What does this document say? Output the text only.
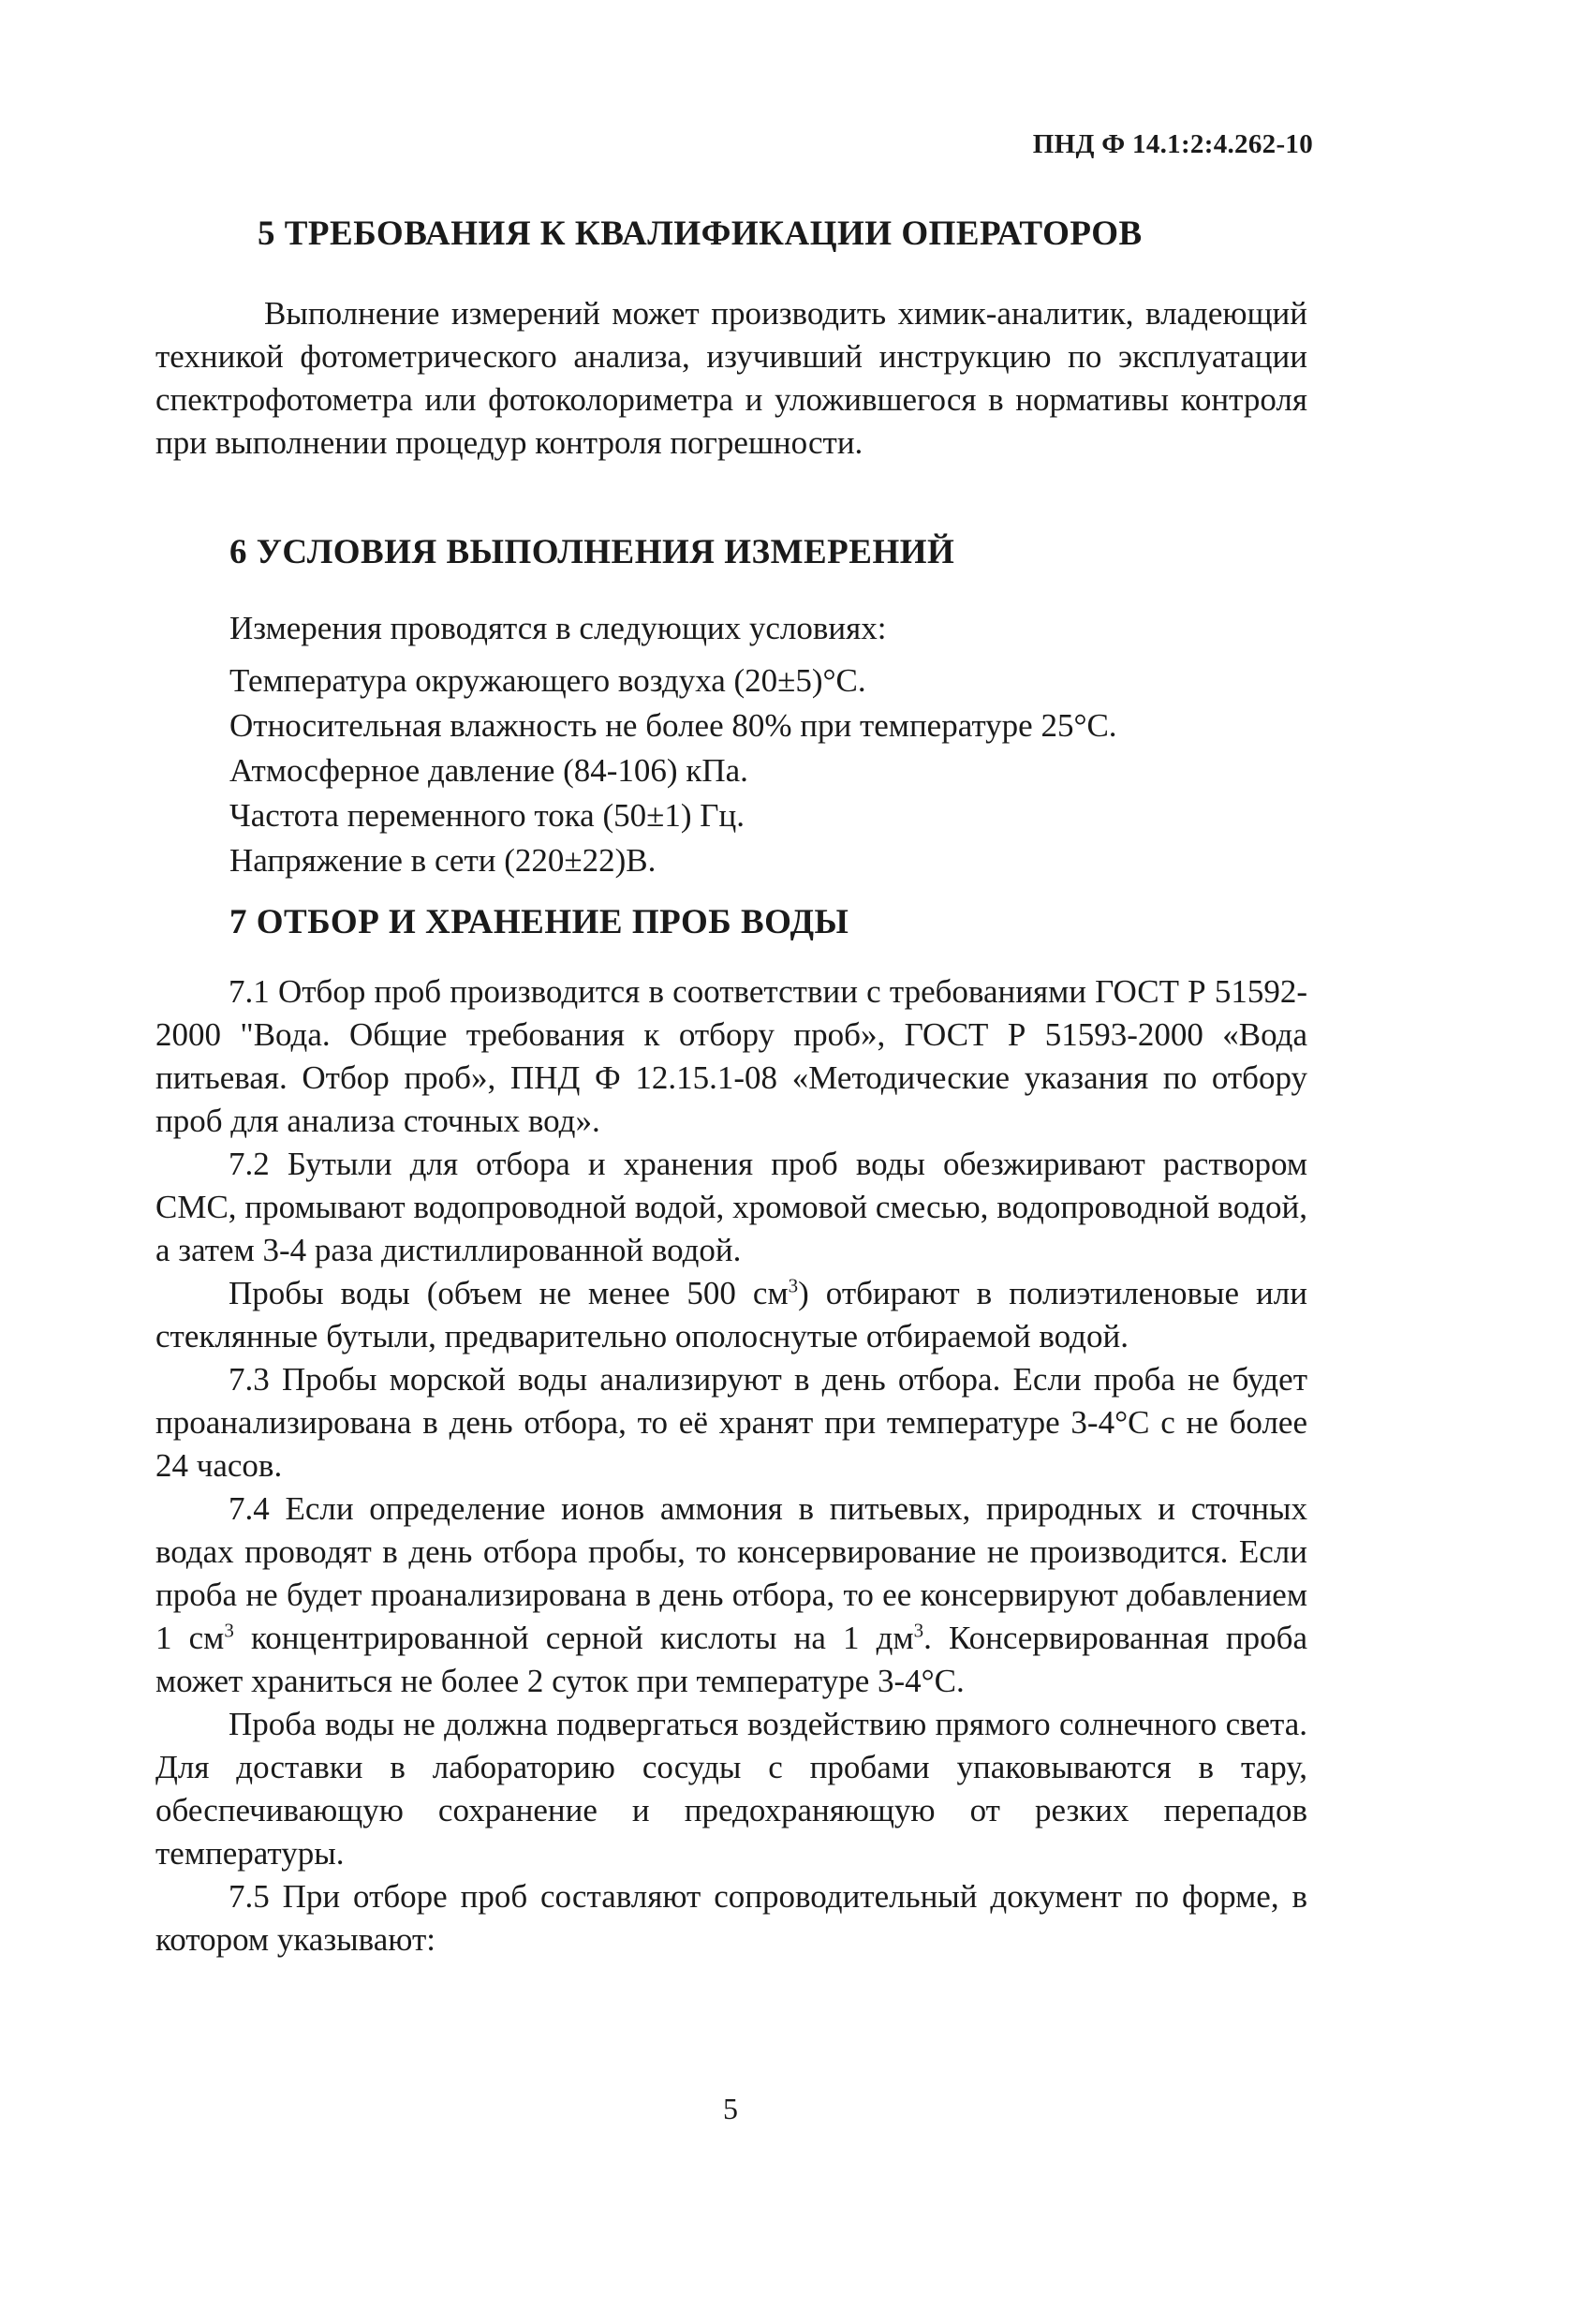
ПНД Ф 14.1:2:4.262-10
5 ТРЕБОВАНИЯ К КВАЛИФИКАЦИИ ОПЕРАТОРОВ

Выполнение измерений может производить химик-аналитик, владеющий техникой фотометрического анализа, изучивший инструкцию по эксплуатации спектрофотометра или фотоколориметра и уложившегося в нормативы контроля при выполнении процедур контроля погрешности.

6 УСЛОВИЯ ВЫПОЛНЕНИЯ ИЗМЕРЕНИЙ
Измерения проводятся в следующих условиях:
Температура окружающего воздуха (20±5)°С.
Относительная влажность не более 80% при температуре 25°С.
Атмосферное давление (84-106) кПа.
Частота переменного тока (50±1) Гц.
Напряжение в сети (220±22)В.
7 ОТБОР И ХРАНЕНИЕ ПРОБ ВОДЫ

7.1 Отбор проб производится в соответствии с требованиями ГОСТ Р 51592-2000 "Вода. Общие требования к отбору проб», ГОСТ Р 51593-2000 «Вода питьевая. Отбор проб», ПНД Ф 12.15.1-08 «Методические указания по отбору проб для анализа сточных вод».

7.2 Бутыли для отбора и хранения проб воды обезжиривают раствором СМС, промывают водопроводной водой, хромовой смесью, водопроводной водой, а затем 3-4 раза дистиллированной водой.

Пробы воды (объем не менее 500 $см^3$) отбирают в полиэтиленовые или стеклянные бутыли, предварительно ополоснутые отбираемой водой.

7.3 Пробы морской воды анализируют в день отбора. Если проба не будет проанализирована в день отбора, то её хранят при температуре 3-4°С с не более 24 часов.

7.4 Если определение ионов аммония в питьевых, природных и сточных водах проводят в день отбора пробы, то консервирование не производится. Если проба не будет проанализирована в день отбора, то ее консервируют добавлением 1 $см^3$ концентрированной серной кислоты на 1 $дм^3$. Консервированная проба может храниться не более 2 суток при температуре 3-4°С.

Проба воды не должна подвергаться воздействию прямого солнечного света. Для доставки в лабораторию сосуды с пробами упаковываются в тару, обеспечивающую сохранение и предохраняющую от резких перепадов температуры.

7.5 При отборе проб составляют сопроводительный документ по форме, в котором указывают:

5
